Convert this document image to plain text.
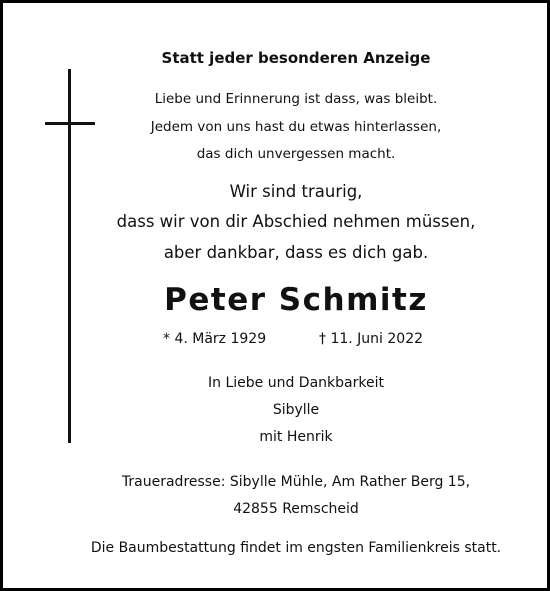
Statt jeder besonderen Anzeige

Liebe und Erinnerung ist dass, was bleibt.

Jedem von uns hast du etwas hinterlassen,

das dich unvergessen macht.

Wir sind traurig,

dass wir von dir Abschied nehmen müssen,

aber dankbar, dass es dich gab.

Peter Schmitz

* 4. März 1929	† 11. Juni 2022

In Liebe und Dankbarkeit

Sibylle

mit Henrik

Traueradresse: Sibylle Mühle, Am Rather Berg 15,

42855 Remscheid

Die Baumbestattung findet im engsten Familienkreis statt.
